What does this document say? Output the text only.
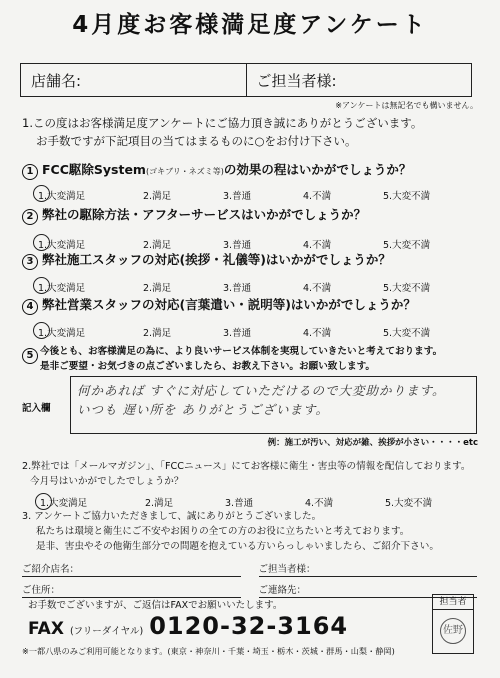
4月度お客様満足度アンケート
店舗名:	ご担当者様:
※アンケートは無記名でも構いません。
1.この度はお客様満足度アンケートにご協力頂き誠にありがとうございます。
お手数ですが下記項目の当てはまるものに○をお付け下さい。
1 FCC駆除System(ゴキブリ・ネズミ等)の効果の程はいかがでしょうか？
1.大変満足	2.満足	3.普通	4.不満	5.大変不満
2 弊社の駆除方法・アフターサービスはいかがでしょうか？
1.大変満足	2.満足	3.普通	4.不満	5.大変不満
3 弊社施工スタッフの対応(挨拶・礼儀等)はいかがでしょうか？
1.大変満足	2.満足	3.普通	4.不満	5.大変不満
4 弊社営業スタッフの対応(言葉遣い・説明等)はいかがでしょうか？
1.大変満足	2.満足	3.普通	4.不満	5.大変不満
5 今後とも、お客様満足の為に、より良いサービス体制を実現していきたいと考えております。
是非ご要望・お気づきの点ございましたら、お教え下さい。お願い致します。
記入欄
何かあれば すぐに対応していただけるので大変助かります。
いつも 遅い所を ありがとうございます。
例：施工が汚い、対応が雑、挨拶が小さい・・・・etc
2.弊社では「メールマガジン」、「FCCニュース」にてお客様に衛生・害虫等の情報を配信しております。
今月号はいかがでしたでしょうか？
1.大変満足	2.満足	3.普通	4.不満	5.大変不満
3. アンケートご協力いただきまして、誠にありがとうございました。
私たちは環境と衛生にご不安やお困りの全ての方のお役に立ちたいと考えております。
是非、害虫やその他衛生部分での問題を抱えている方いらっしゃいましたら、ご紹介下さい。
ご紹介店名：	ご担当者様：
ご住所：	ご連絡先：
お手数でございますが、ご返信はFAXでお願いいたします。
FAX (フリーダイヤル) 0120-32-3164
担当者
佐野
※一都八県のみご利用可能となります。(東京・神奈川・千葉・埼玉・栃木・茨城・群馬・山梨・静岡)
